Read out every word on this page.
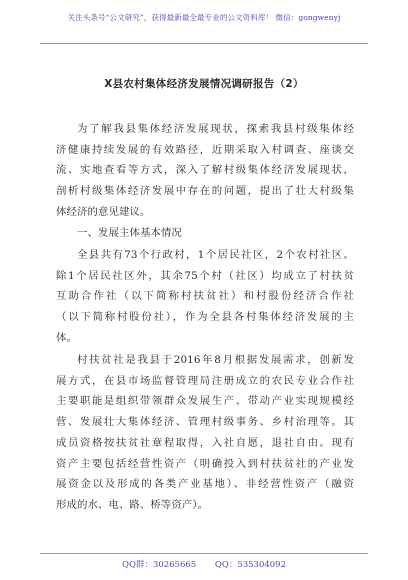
关注头条号“公文研究”，获得最新最全最专业的公文资料库！ 微信：gongwenyj
X县农村集体经济发展情况调研报告（2）
为了解我县集体经济发展现状，探索我县村级集体经
济健康持续发展的有效路径，近期采取入村调查、座谈交
流、实地查看等方式，深入了解村级集体经济发展现状，
剖析村级集体经济发展中存在的问题，提出了壮大村级集
体经济的意见建议。
一、发展主体基本情况
全县共有73个行政村，1个居民社区，2个农村社区。
除1个居民社区外，其余75个村（社区）均成立了村扶贫
互助合作社（以下简称村扶贫社）和村股份经济合作社
（以下简称村股份社），作为全县各村集体经济发展的主
体。
村扶贫社是我县于2016年8月根据发展需求，创新发
展方式，在县市场监督管理局注册成立的农民专业合作社
主要职能是组织带领群众发展生产、带动产业实现规模经
营、发展壮大集体经济、管理村级事务、乡村治理等。其
成员资格按扶贫社章程取得，入社自愿，退社自由。现有
资产主要包括经营性资产（明确投入到村扶贫社的产业发
展资金以及形成的各类产业基地）、非经营性资产（融资
形成的水、电、路、桥等资产）。
QQ群：30265665 QQ：535304092
